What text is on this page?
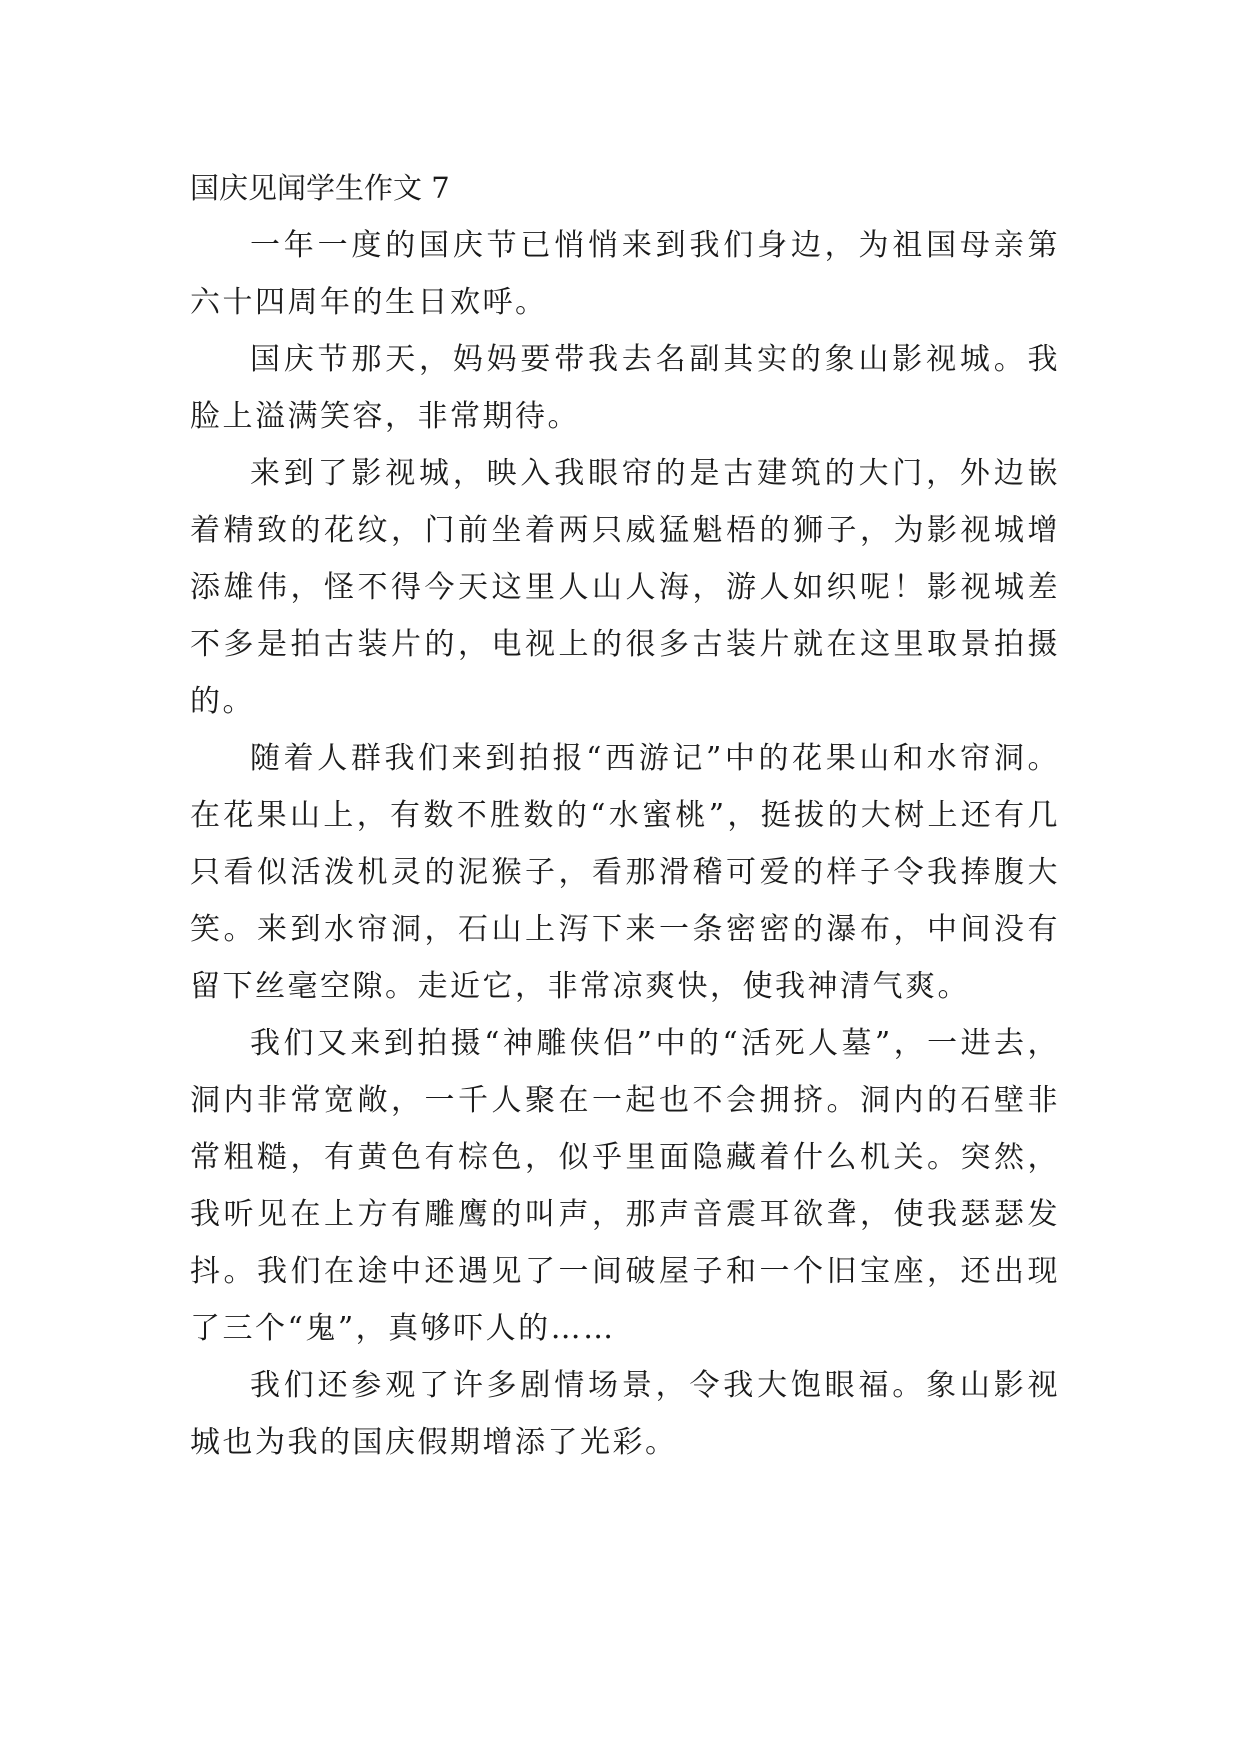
国庆见闻学生作文 7

一年一度的国庆节已悄悄来到我们身边，为祖国母亲第六十四周年的生日欢呼。

国庆节那天，妈妈要带我去名副其实的象山影视城。我脸上溢满笑容，非常期待。

来到了影视城，映入我眼帘的是古建筑的大门，外边嵌着精致的花纹，门前坐着两只威猛魁梧的狮子，为影视城增添雄伟，怪不得今天这里人山人海，游人如织呢！影视城差不多是拍古装片的，电视上的很多古装片就在这里取景拍摄的。

随着人群我们来到拍报“西游记”中的花果山和水帘洞。在花果山上，有数不胜数的“水蜜桃”，挺拔的大树上还有几只看似活泼机灵的泥猴子，看那滑稽可爱的样子令我捧腹大笑。来到水帘洞，石山上泻下来一条密密的瀑布，中间没有留下丝毫空隙。走近它，非常凉爽快，使我神清气爽。

我们又来到拍摄“神雕侠侣”中的“活死人墓”，一进去，洞内非常宽敞，一千人聚在一起也不会拥挤。洞内的石壁非常粗糙，有黄色有棕色，似乎里面隐藏着什么机关。突然，我听见在上方有雕鹰的叫声，那声音震耳欲聋，使我瑟瑟发抖。我们在途中还遇见了一间破屋子和一个旧宝座，还出现了三个“鬼”，真够吓人的……

我们还参观了许多剧情场景，令我大饱眼福。象山影视城也为我的国庆假期增添了光彩。
